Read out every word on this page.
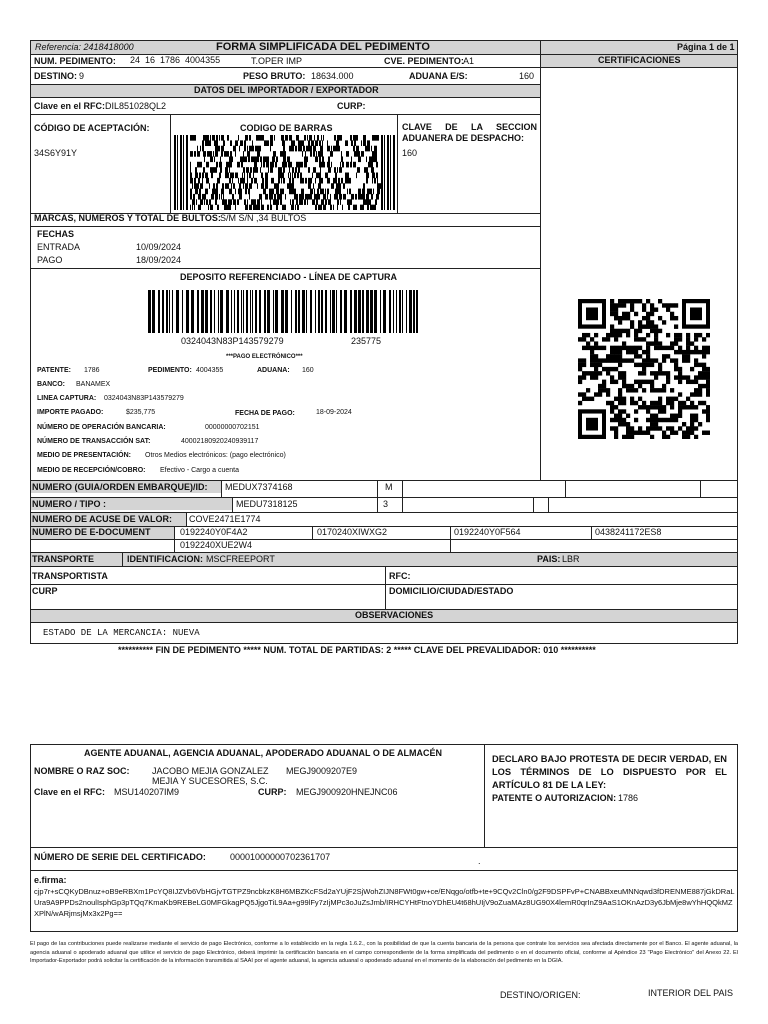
Referencia: 2418418000	FORMA SIMPLIFICADA DEL PEDIMENTO	Página 1 de 1
CERTIFICACIONES
NUM. PEDIMENTO: 24  16  1786  4004355	T.OPER IMP	CVE. PEDIMENTO: A1
DESTINO: 9	PESO BRUTO: 18634.000	ADUANA E/S:	160
DATOS DEL IMPORTADOR / EXPORTADOR
Clave en el RFC: DIL851028QL2	CURP:
CÓDIGO DE ACEPTACIÓN:
34S6Y91Y
CODIGO DE BARRAS	CLAVE DE LA SECCION ADUANERA DE DESPACHO:
160
MARCAS, NUMEROS Y TOTAL DE BULTOS: S/M S/N ,34 BULTOS
FECHAS
ENTRADA	10/09/2024
PAGO	18/09/2024
DEPOSITO REFERENCIADO - LÍNEA DE CAPTURA
0324043N83P143579279	235775
***PAGO ELECTRÓNICO***
PATENTE: 1786	PEDIMENTO: 4004355	ADUANA: 160
BANCO: BANAMEX
LINEA CAPTURA: 0324043N83P143579279
IMPORTE PAGADO:	$235,775	FECHA DE PAGO:	18-09-2024
NÚMERO DE OPERACIÓN BANCARIA:	00000000702151
NÚMERO DE TRANSACCIÓN SAT:	40002180920240939117
MEDIO DE PRESENTACIÓN: Otros Medios electrónicos: (pago electrónico)
MEDIO DE RECEPCIÓN/COBRO: Efectivo - Cargo a cuenta
NUMERO (GUIA/ORDEN EMBARQUE)/ID: MEDUX7374168	M
NUMERO / TIPO :	MEDU7318125	3
NUMERO DE ACUSE DE VALOR: COVE2471E1774
NUMERO DE E-DOCUMENT	0192240Y0F4A2	0170240XIWXG2	0192240Y0F564	0438241172ES8
0192240XUE2W4
TRANSPORTE	IDENTIFICACION: MSCFREEPORT	PAIS: LBR
TRANSPORTISTA	RFC:
CURP	DOMICILIO/CIUDAD/ESTADO
OBSERVACIONES
ESTADO DE LA MERCANCIA: NUEVA
********** FIN DE PEDIMENTO ***** NUM. TOTAL DE PARTIDAS: 2 ***** CLAVE DEL PREVALIDADOR: 010 **********
AGENTE ADUANAL, AGENCIA ADUANAL, APODERADO ADUANAL O DE ALMACÉN
NOMBRE O RAZ SOC:	JACOBO MEJIA GONZALEZ MEGJ9009207E9
MEJIA Y SUCESORES, S.C.
Clave en el RFC: MSU140207IM9	CURP: MEGJ900920HNEJNC06
DECLARO BAJO PROTESTA DE DECIR VERDAD, EN LOS TÉRMINOS DE LO DISPUESTO POR EL ARTÍCULO 81 DE LA LEY:
PATENTE O AUTORIZACION: 1786
NÚMERO DE SERIE DEL CERTIFICADO:	00001000000702361707	.
e.firma:
cjp7r+sCQKyDBnuz+oB9eRBXm1PcYQ8IJZVb6VbHGjvTGTPZ9ncbkzK8H6MBZKcFSd2aYUjF2SjWohZIJN8FWt0gw+ce/ENqgo/otfb+te+9CQv2Cln0/g2F9DSPFvP+CNABBxeuMNNqwd3fDRENME887jGkDRaLUra9A9PPDs2noulIsphGp3pTQq7KmaKb9REBeLG0MFGkagPQ5JjgoTiL9Aa+g99lFy7zIjMPc3oJuZsJmb/IRHCYHtFtnoYDhEU4t68hUIjV9oZuaMAz8UG90X4lemR0qrInZ9AaS1OKnAzD3y6JbMje8wYhHQQkMZXPlN/wARjmsjMx3x2Pg==
El pago de las contribuciones puede realizarse mediante el servicio de pago Electrónico, conforme a lo establecido en la regla 1.6.2., con la posibilidad de que la cuenta bancaria de la persona que contrate los servicios sea afectada directamente por el Banco. El agente aduanal, la agencia aduanal o apoderado aduanal que utilice el servicio de pago Electrónico, deberá imprimir la certificación bancaria en el campo correspondiente de la forma simplificada del pedimento o en el documento oficial, conforme al Apéndice 23 "Pago Electrónico" del Anexo 22. El Importador-Exportador podrá solicitar la certificación de la información transmitida al SAAI por el agente aduanal, la agencia aduanal o apoderado aduanal en el momento de la elaboración del pedimento en la DGIA.
DESTINO/ORIGEN:	INTERIOR DEL PAIS
